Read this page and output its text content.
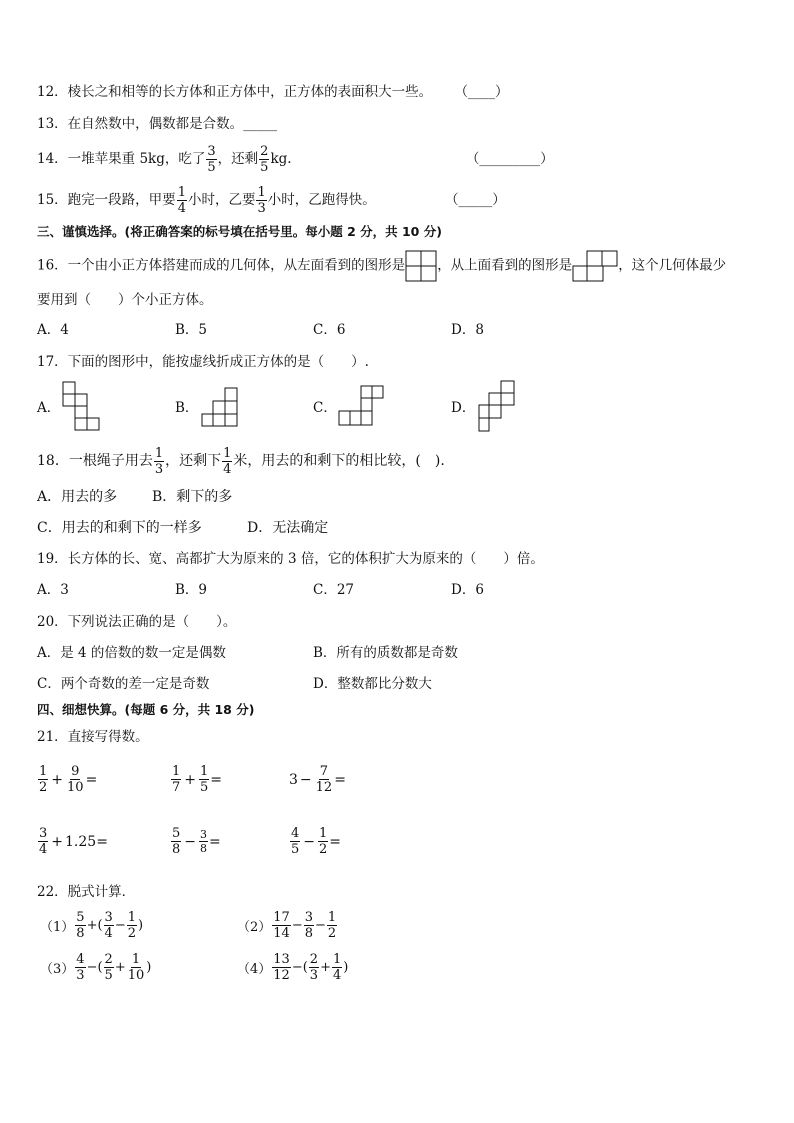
12．棱长之和相等的长方体和正方体中，正方体的表面积大一些。 （____）
13．在自然数中，偶数都是合数。_____
14．一堆苹果重 5kg，吃了 $\frac{3}{5}$ ，还剩 $\frac{2}{5}$ kg.	（_________）
15．跑完一段路，甲要 $\frac{1}{4}$ 小时，乙要 $\frac{1}{3}$ 小时，乙跑得快。	（_____）
三、谨慎选择。(将正确答案的标号填在括号里。每小题 2 分，共 10 分)
16．一个由小正方体搭建而成的几何体，从左面看到的图形是 ，从上面看到的图形是	，这个几何体最少
要用到（　　）个小正方体。
A．4	B．5	C．6	D．8
17．下面的图形中，能按虚线折成正方体的是（　　）.
A．	B．	C．	D．
18．一根绳子用去 $\frac{1}{3}$ ，还剩下 $\frac{1}{4}$ 米，用去的和剩下的相比较，(　).
A．用去的多 B．剩下的多
C．用去的和剩下的一样多	D．无法确定
19．长方体的长、宽、高都扩大为原来的 3 倍，它的体积扩大为原来的（　　）倍。
A．3	B．9	C．27	D．6
20．下列说法正确的是（　　）。
A．是 4 的倍数的数一定是偶数	B．所有的质数都是奇数
C．两个奇数的差一定是奇数	D．整数都比分数大
四、细想快算。(每题 6 分，共 18 分)
21．直接写得数。
$\frac{1}{2} + \frac{9}{10}$ =	$\frac{1}{7} + \frac{1}{5}$ =	$3 - \frac{7}{12}$ =
$\frac{3}{4} + 1.25=$	$\frac{5}{8} - \frac{3}{8}$ =	$\frac{4}{5} - \frac{1}{2}$ =
22．脱式计算．
$(1) \frac{5}{8}$ +( $\frac{3}{4} - \frac{1}{2}$ )	$(2) \frac{17}{14} - \frac{3}{8} - \frac{1}{2}$
$(3) \frac{4}{3}$ −( $\frac{2}{5} + \frac{1}{10}$ )	$(4) \frac{13}{12}$ −( $\frac{2}{3} + \frac{1}{4}$ )
